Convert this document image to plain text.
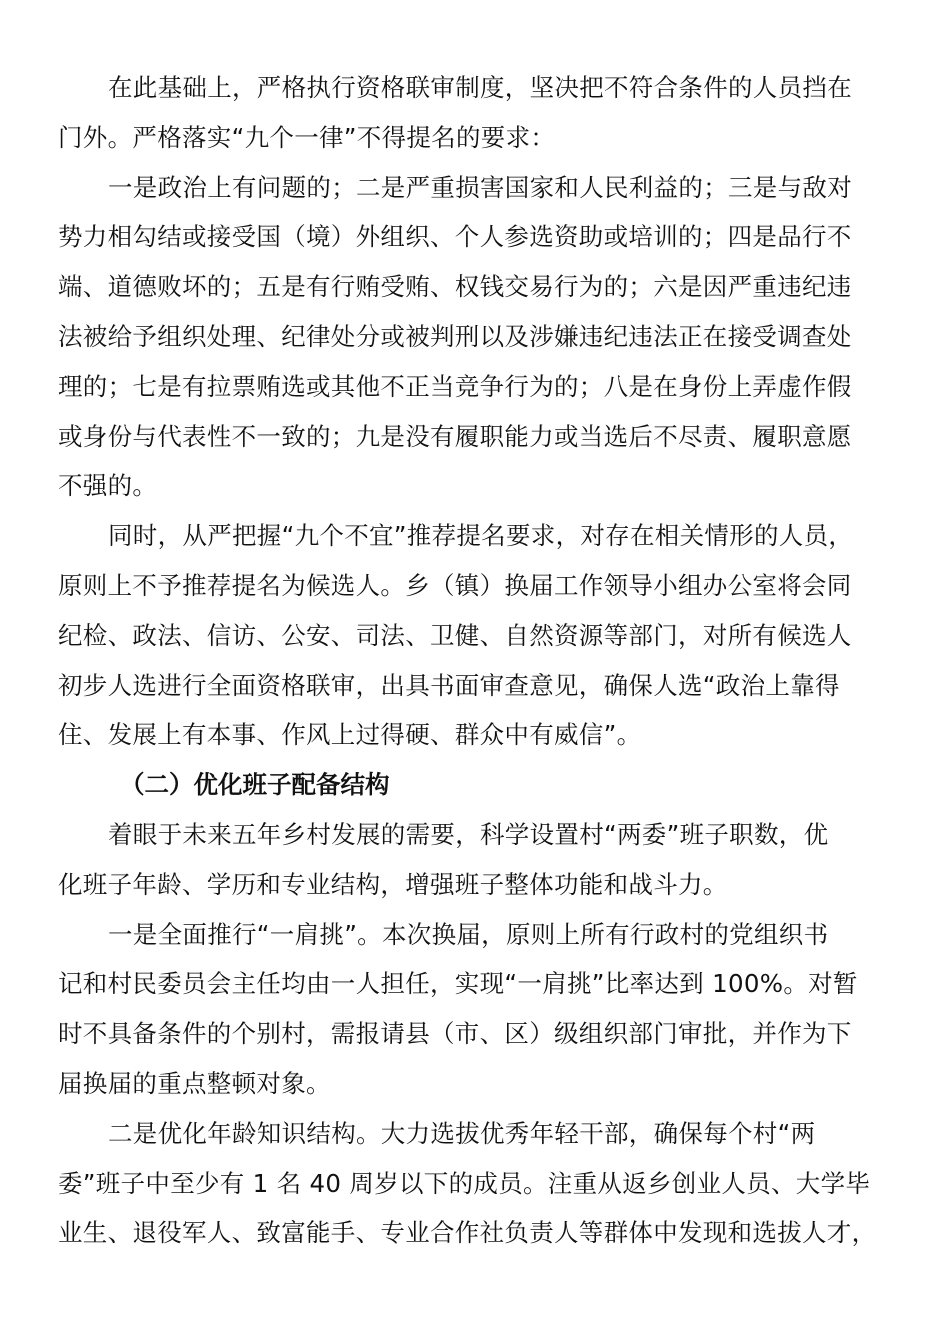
在此基础上，严格执行资格联审制度，坚决把不符合条件的人员挡在
门外。严格落实“九个一律”不得提名的要求：

一是政治上有问题的；二是严重损害国家和人民利益的；三是与敌对
势力相勾结或接受国（境）外组织、个人参选资助或培训的；四是品行不
端、道德败坏的；五是有行贿受贿、权钱交易行为的；六是因严重违纪违
法被给予组织处理、纪律处分或被判刑以及涉嫌违纪违法正在接受调查处
理的；七是有拉票贿选或其他不正当竞争行为的；八是在身份上弄虚作假
或身份与代表性不一致的；九是没有履职能力或当选后不尽责、履职意愿
不强的。

同时，从严把握“九个不宜”推荐提名要求，对存在相关情形的人员，
原则上不予推荐提名为候选人。乡（镇）换届工作领导小组办公室将会同
纪检、政法、信访、公安、司法、卫健、自然资源等部门，对所有候选人
初步人选进行全面资格联审，出具书面审查意见，确保人选“政治上靠得
住、发展上有本事、作风上过得硬、群众中有威信”。

（二）优化班子配备结构

着眼于未来五年乡村发展的需要，科学设置村“两委”班子职数，优
化班子年龄、学历和专业结构，增强班子整体功能和战斗力。

一是全面推行“一肩挑”。本次换届，原则上所有行政村的党组织书
记和村民委员会主任均由一人担任，实现“一肩挑”比率达到 100%。对暂
时不具备条件的个别村，需报请县（市、区）级组织部门审批，并作为下
届换届的重点整顿对象。

二是优化年龄知识结构。大力选拔优秀年轻干部，确保每个村“两
委”班子中至少有 1 名 40 周岁以下的成员。注重从返乡创业人员、大学毕
业生、退役军人、致富能手、专业合作社负责人等群体中发现和选拔人才，
